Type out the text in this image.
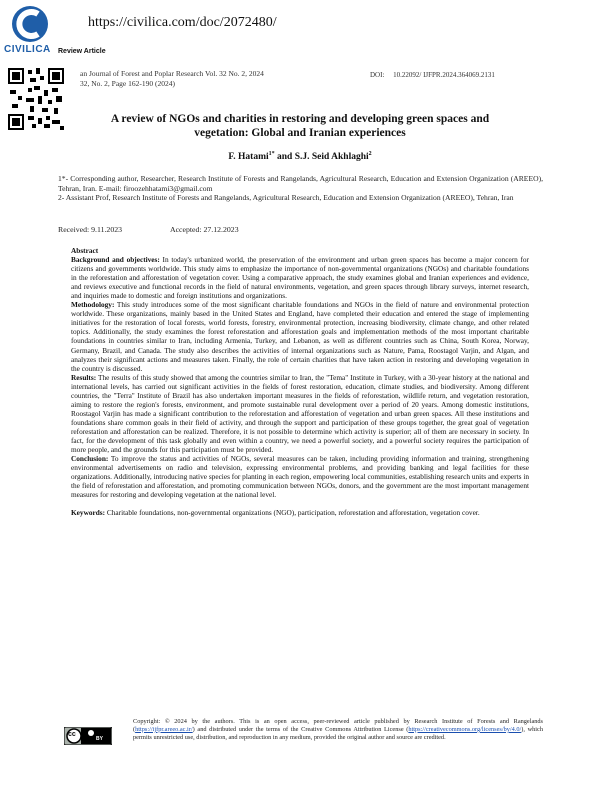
CIVILICA
https://civilica.com/doc/2072480/
Review Article
an Journal of Forest and Poplar Research Vol. 32 No. 2, 2024
32, No. 2, Page 162-190 (2024)
DOI: 10.22092/ IJFPR.2024.364069.2131
A review of NGOs and charities in restoring and developing green spaces and
vegetation: Global and Iranian experiences
F. Hatami$^{1*}$ and S.J. Seid Akhlaghi$^2$
1*- Corresponding author, Researcher, Research Institute of Forests and Rangelands, Agricultural Research, Education and Extension Organization (AREEO), Tehran, Iran. E-mail: firoozehhatami3@gmail.com
2- Assistant Prof, Research Institute of Forests and Rangelands, Agricultural Research, Education and Extension Organization (AREEO), Tehran, Iran
Received: 9.11.2023	Accepted: 27.12.2023

Abstract

Background and objectives: In today's urbanized world, the preservation of the environment and urban green spaces has become a major concern for citizens and governments worldwide. This study aims to emphasize the importance of non-governmental organizations (NGOs) and charitable foundations in the reforestation and afforestation of vegetation cover. Using a comparative approach, the study examines global and Iranian experiences and evidence, and reviews executive and functional records in the field of natural environments, vegetation, and green spaces through library surveys, internet research, and inquiries made to domestic and foreign institutions and organizations.

Methodology: This study introduces some of the most significant charitable foundations and NGOs in the field of nature and environmental protection worldwide. These organizations, mainly based in the United States and England, have completed their education and entered the stage of implementing initiatives for the restoration of local forests, world forests, forestry, environmental protection, increasing biodiversity, climate change, and other related topics. Additionally, the study examines the forest reforestation and afforestation goals and implementation methods of the most important charitable foundations in countries similar to Iran, including Armenia, Turkey, and Lebanon, as well as different countries such as China, South Korea, Norway, Germany, Brazil, and Canada. The study also describes the activities of internal organizations such as Nature, Pama, Roostagol Varjin, and Algan, and analyzes their significant actions and measures taken. Finally, the role of certain charities that have taken action in restoring and developing vegetation in the country is discussed.

Results: The results of this study showed that among the countries similar to Iran, the "Tema" Institute in Turkey, with a 30-year history at the national and international levels, has carried out significant activities in the fields of forest restoration, education, climate studies, and biodiversity. Among different countries, the "Terra" Institute of Brazil has also undertaken important measures in the fields of reforestation, wildlife return, and vegetation restoration, aiming to restore the region's forests, environment, and promote sustainable rural development over a period of 20 years. Among domestic institutions, Roostagol Varjin has made a significant contribution to the reforestation and afforestation of vegetation and urban green spaces. All these institutions and foundations share common goals in their field of activity, and through the support and participation of these groups together, the great goal of vegetation reforestation and afforestation can be realized. Therefore, it is not possible to determine which activity is superior; all of them are necessary in society. In fact, for the development of this task globally and even within a country, we need a powerful society, and a powerful society requires the participation of more people, and the grounds for this participation must be provided.

Conclusion: To improve the status and activities of NGOs, several measures can be taken, including providing information and training, strengthening environmental advertisements on radio and television, expressing environmental problems, and providing banking and legal facilities for these organizations. Additionally, introducing native species for planting in each region, empowering local communities, establishing research units and experts in the field of reforestation and afforestation, and promoting communication between NGOs, donors, and the government are the most important management measures for restoring and developing vegetation at the national level.

Keywords: Charitable foundations, non-governmental organizations (NGO), participation, reforestation and afforestation, vegetation cover.

cc
BY
Copyright: © 2024 by the authors. This is an open access, peer-reviewed article published by Research Institute of Forests and Rangelands (https://ijfpr.areeo.ac.ir/) and distributed under the terms of the Creative Commons Attribution License (https://creativecommons.org/licenses/by/4.0/), which permits unrestricted use, distribution, and reproduction in any medium, provided the original author and source are credited.
